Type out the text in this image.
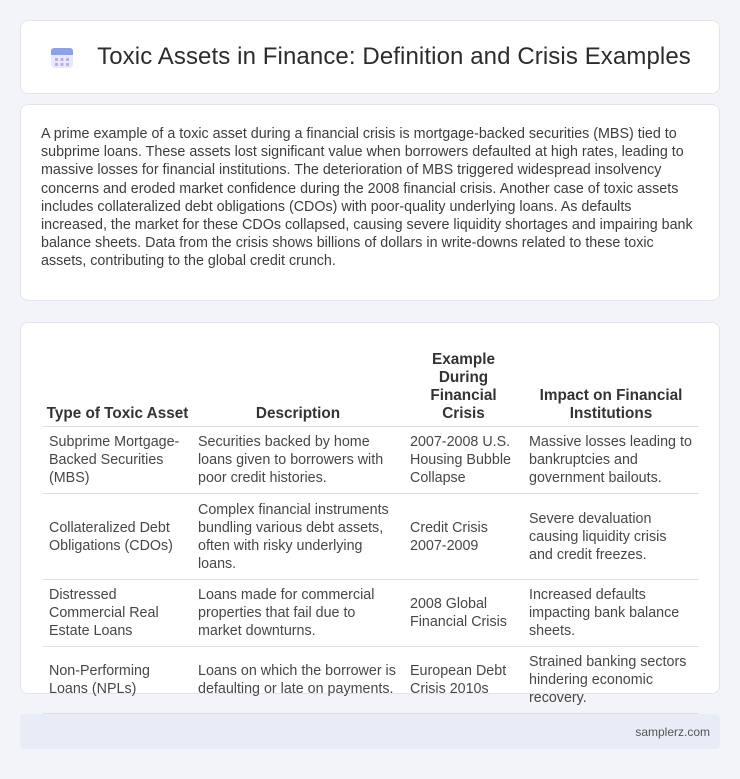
Toxic Assets in Finance: Definition and Crisis Examples

A prime example of a toxic asset during a financial crisis is mortgage-backed securities (MBS) tied to subprime loans. These assets lost significant value when borrowers defaulted at high rates, leading to massive losses for financial institutions. The deterioration of MBS triggered widespread insolvency concerns and eroded market confidence during the 2008 financial crisis. Another case of toxic assets includes collateralized debt obligations (CDOs) with poor-quality underlying loans. As defaults increased, the market for these CDOs collapsed, causing severe liquidity shortages and impairing bank balance sheets. Data from the crisis shows billions of dollars in write-downs related to these toxic assets, contributing to the global credit crunch.

Type of Toxic Asset	Description	Example During Financial Crisis	Impact on Financial Institutions
Subprime Mortgage-Backed Securities (MBS)	Securities backed by home loans given to borrowers with poor credit histories.	2007-2008 U.S. Housing Bubble Collapse	Massive losses leading to bankruptcies and government bailouts.
Collateralized Debt Obligations (CDOs)	Complex financial instruments bundling various debt assets, often with risky underlying loans.	Credit Crisis 2007-2009	Severe devaluation causing liquidity crisis and credit freezes.
Distressed Commercial Real Estate Loans	Loans made for commercial properties that fail due to market downturns.	2008 Global Financial Crisis	Increased defaults impacting bank balance sheets.
Non-Performing Loans (NPLs)	Loans on which the borrower is defaulting or late on payments.	European Debt Crisis 2010s	Strained banking sectors hindering economic recovery.
samplerz.com
